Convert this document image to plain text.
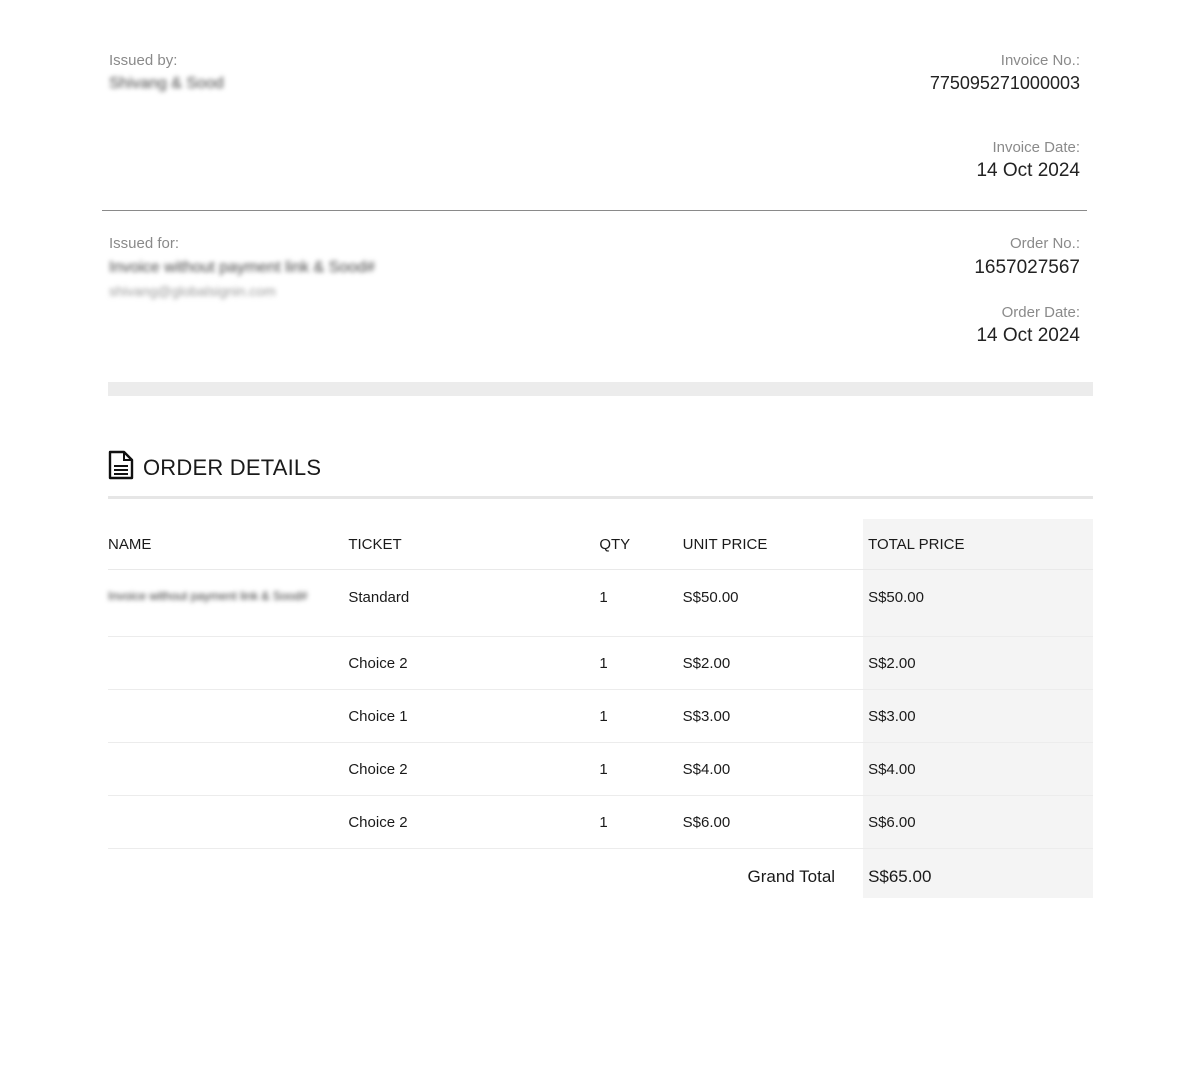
Issued by:
Shivang & Sood
Invoice No.:
775095271000003
Invoice Date:
14 Oct 2024
Issued for:
Invoice without payment link & Sood#
shivang@globalsignin.com
Order No.:
1657027567
Order Date:
14 Oct 2024
ORDER DETAILS
NAME	TICKET	QTY	UNIT PRICE	TOTAL PRICE

Invoice without payment link & Sood#	Standard	1	S$50.00	S$50.00
	Choice 2	1	S$2.00	S$2.00
	Choice 1	1	S$3.00	S$3.00
	Choice 2	1	S$4.00	S$4.00
	Choice 2	1	S$6.00	S$6.00
Grand Total				S$65.00
